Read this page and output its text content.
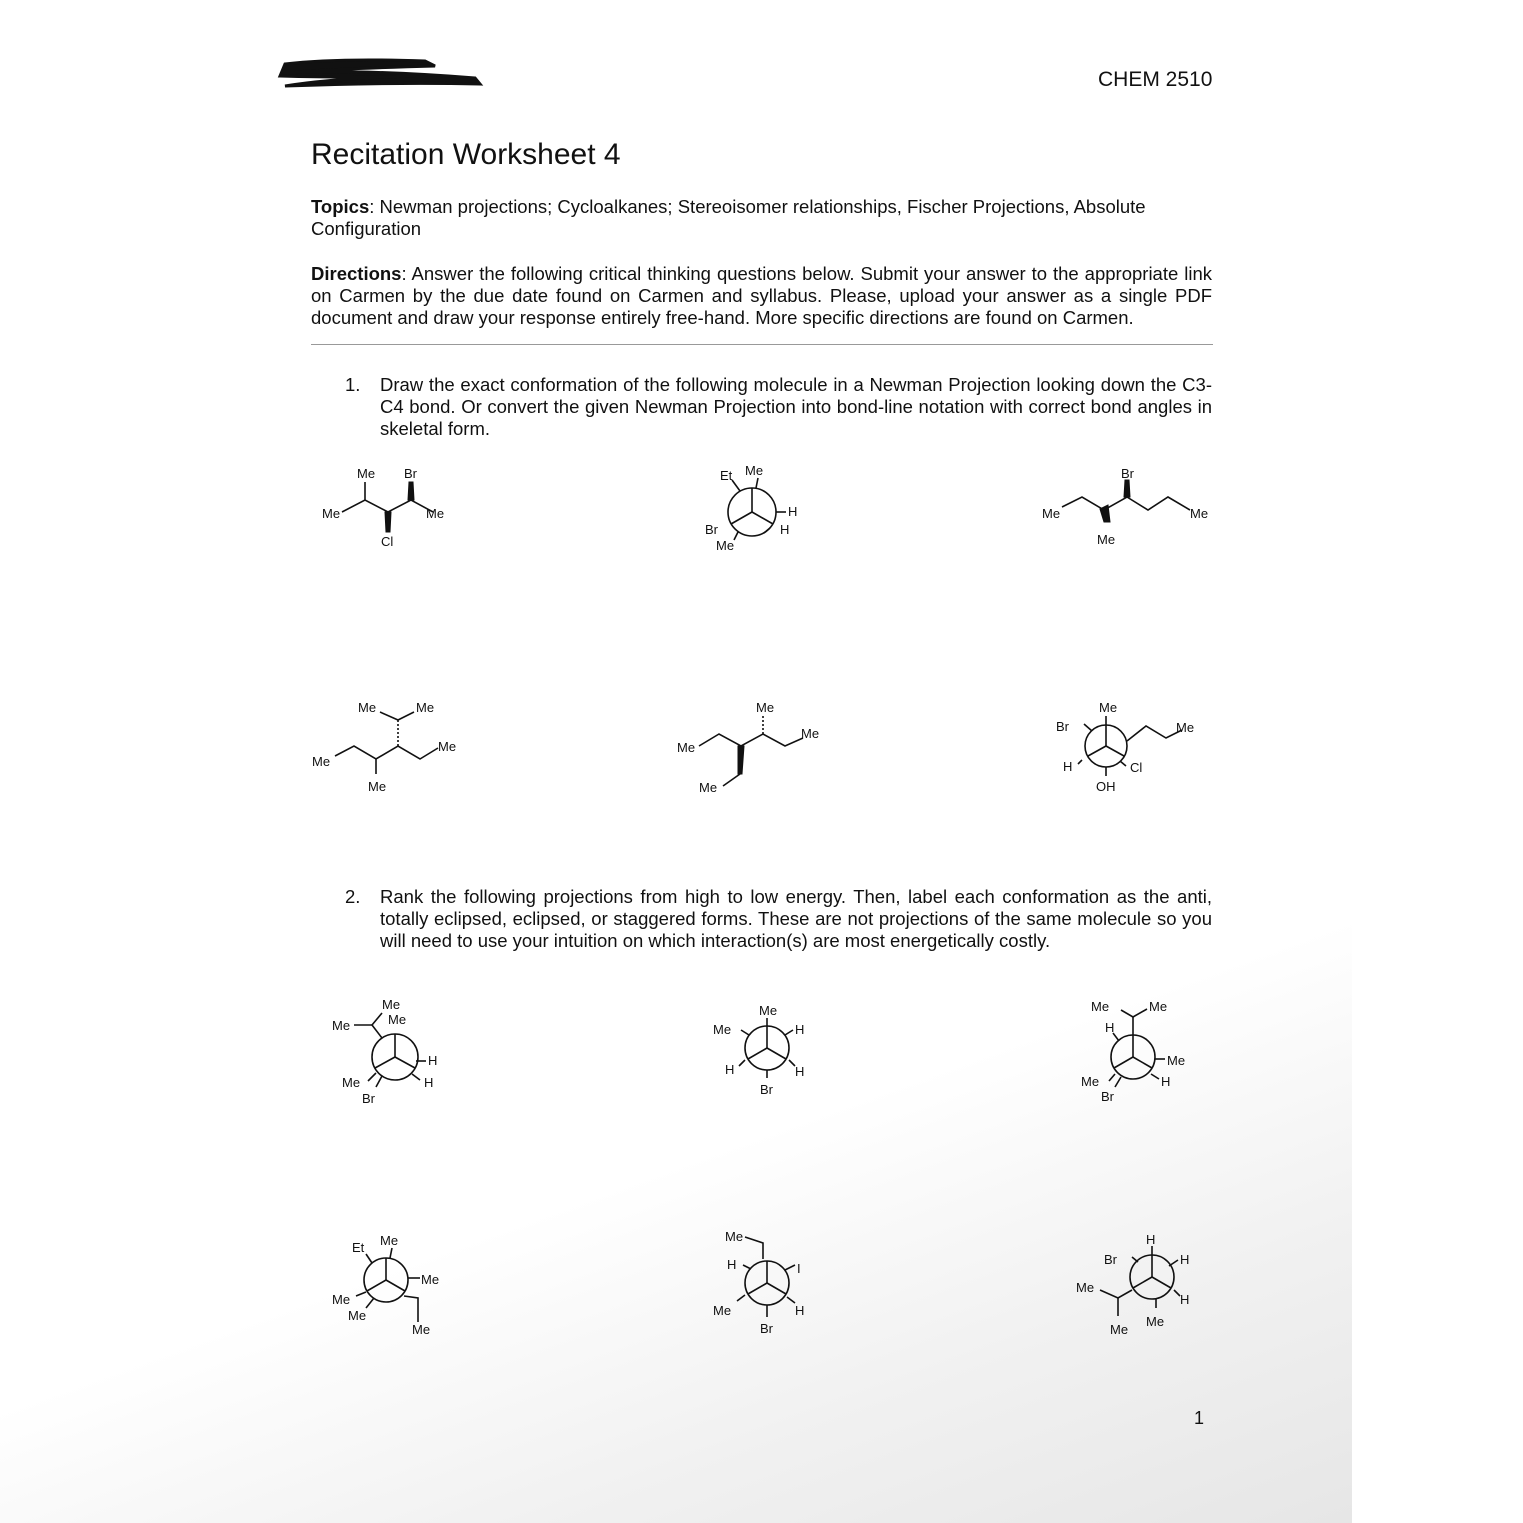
CHEM 2510
Recitation Worksheet 4
Topics: Newman projections; Cycloalkanes; Stereoisomer relationships, Fischer Projections, Absolute Configuration
Directions: Answer the following critical thinking questions below. Submit your answer to the appropriate link on Carmen by the due date found on Carmen and syllabus. Please, upload your answer as a single PDF document and draw your response entirely free-hand. More specific directions are found on Carmen.
1.	Draw the exact conformation of the following molecule in a Newman Projection looking down the C3-C4 bond. Or convert the given Newman Projection into bond-line notation with correct bond angles in skeletal form.
Me Br
Me	Me
Cl
Et Me
H
H
Br
Me
Br
Me	Me
Me
Me	Me
Me
Me
Me
Me
Me
Me
Me
Me
Br	Me
H	Cl
OH
2.	Rank the following projections from high to low energy. Then, label each conformation as the anti, totally eclipsed, eclipsed, or staggered forms. These are not projections of the same molecule so you will need to use your intuition on which interaction(s) are most energetically costly.
Me
Me	Me
H
H
Me
Br
Me
Me	H
H	H
Br
Me	Me
H
Me
H
Me
Br
Et Me
Me
Me
Me
Me
Me
H	I
Me	H
Br
H
Br	H
H
Me
Me
Me
1
